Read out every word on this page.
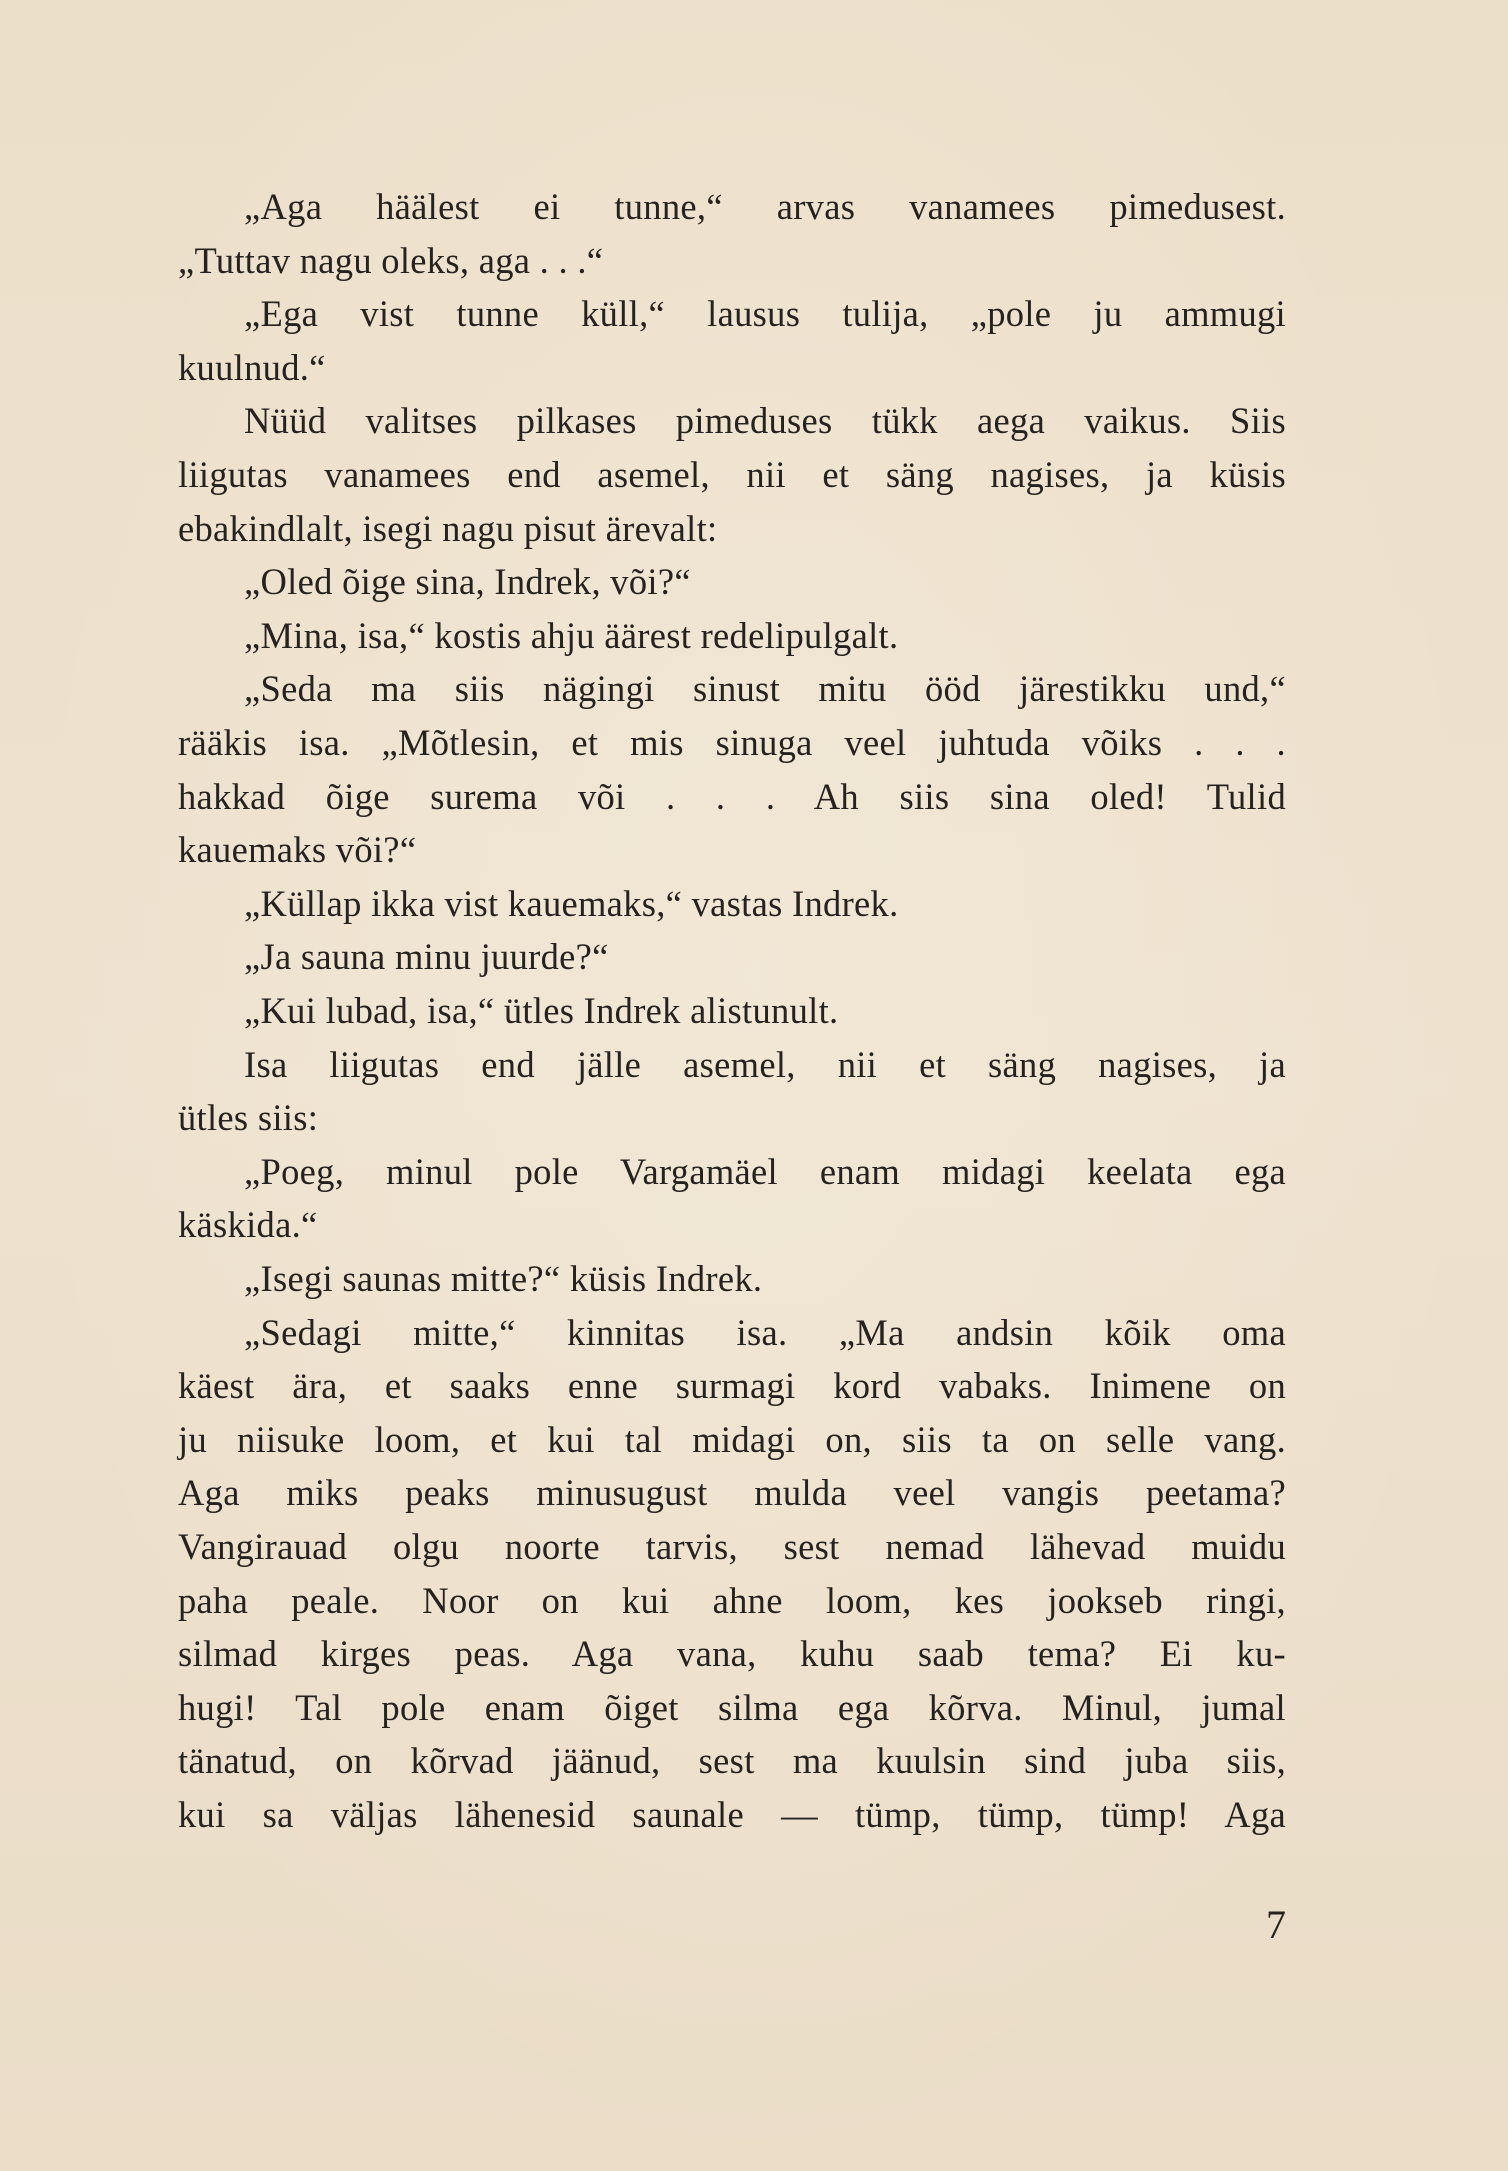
„Aga häälest ei tunne,“ arvas vanamees pimedusest.
„Tuttav nagu oleks, aga . . .“
„Ega vist tunne küll,“ lausus tulija, „pole ju ammugi
kuulnud.“
Nüüd valitses pilkases pimeduses tükk aega vaikus. Siis
liigutas vanamees end asemel, nii et säng nagises, ja küsis
ebakindlalt, isegi nagu pisut ärevalt:
„Oled õige sina, Indrek, või?“
„Mina, isa,“ kostis ahju äärest redelipulgalt.
„Seda ma siis nägingi sinust mitu ööd järestikku und,“
rääkis isa. „Mõtlesin, et mis sinuga veel juhtuda võiks . . .
hakkad õige surema või . . . Ah siis sina oled! Tulid
kauemaks või?“
„Küllap ikka vist kauemaks,“ vastas Indrek.
„Ja sauna minu juurde?“
„Kui lubad, isa,“ ütles Indrek alistunult.
Isa liigutas end jälle asemel, nii et säng nagises, ja
ütles siis:
„Poeg, minul pole Vargamäel enam midagi keelata ega
käskida.“
„Isegi saunas mitte?“ küsis Indrek.
„Sedagi mitte,“ kinnitas isa. „Ma andsin kõik oma
käest ära, et saaks enne surmagi kord vabaks. Inimene on
ju niisuke loom, et kui tal midagi on, siis ta on selle vang.
Aga miks peaks minusugust mulda veel vangis peetama?
Vangirauad olgu noorte tarvis, sest nemad lähevad muidu
paha peale. Noor on kui ahne loom, kes jookseb ringi,
silmad kirges peas. Aga vana, kuhu saab tema? Ei ku-
hugi! Tal pole enam õiget silma ega kõrva. Minul, jumal
tänatud, on kõrvad jäänud, sest ma kuulsin sind juba siis,
kui sa väljas lähenesid saunale — tümp, tümp, tümp! Aga
7
